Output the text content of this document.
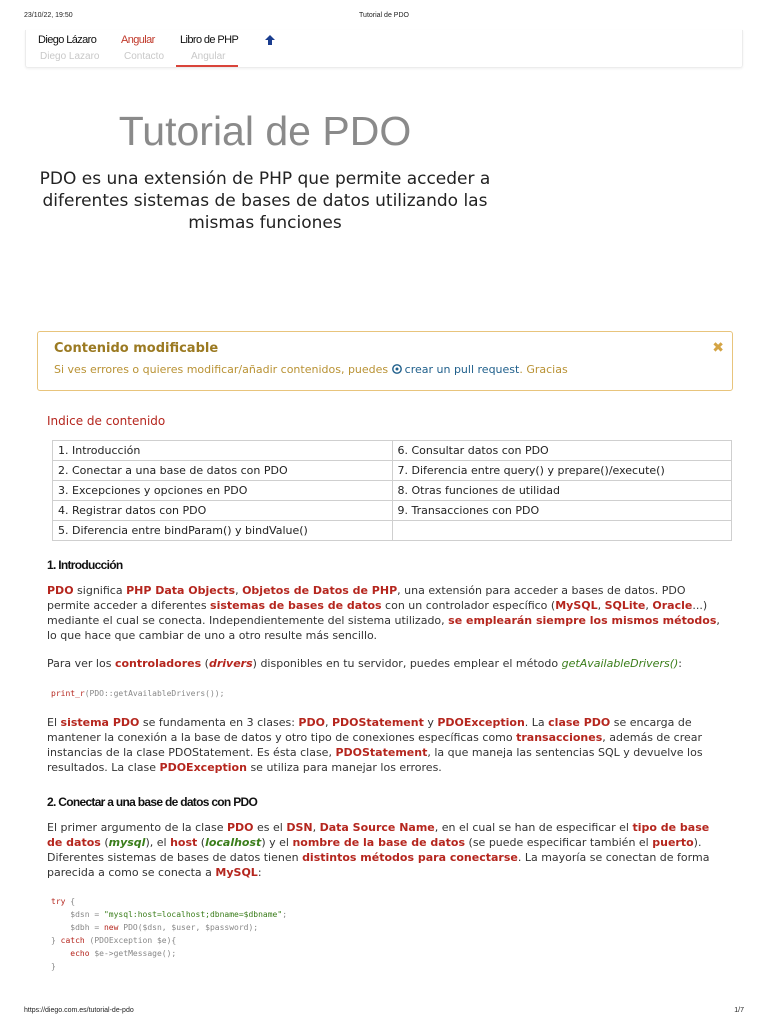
23/10/22, 19:50	Tutorial de PDO
Diego Lázaro Angular Libro de PHP
Diego Lazaro Contacto	Angular
Tutorial de PDO

PDO es una extensión de PHP que permite acceder a diferentes sistemas de bases de datos utilizando las mismas funciones

Contenido modificable
Si ves errores o quieres modificar/añadir contenidos, puedes crear un pull request. Gracias
✖
Indice de contenido
1. Introducción	6. Consultar datos con PDO
2. Conectar a una base de datos con PDO	7. Diferencia entre query() y prepare()/execute()
3. Excepciones y opciones en PDO	8. Otras funciones de utilidad
4. Registrar datos con PDO	9. Transacciones con PDO
5. Diferencia entre bindParam() y bindValue()	
1. Introducción

PDO significa PHP Data Objects, Objetos de Datos de PHP, una extensión para acceder a bases de datos. PDO permite acceder a diferentes sistemas de bases de datos con un controlador específico (MySQL, SQLite, Oracle...) mediante el cual se conecta. Independientemente del sistema utilizado, se emplearán siempre los mismos métodos, lo que hace que cambiar de uno a otro resulte más sencillo.

Para ver los controladores (drivers) disponibles en tu servidor, puedes emplear el método getAvailableDrivers():

print_r(PDO::getAvailableDrivers());

El sistema PDO se fundamenta en 3 clases: PDO, PDOStatement y PDOException. La clase PDO se encarga de mantener la conexión a la base de datos y otro tipo de conexiones específicas como transacciones, además de crear instancias de la clase PDOStatement. Es ésta clase, PDOStatement, la que maneja las sentencias SQL y devuelve los resultados. La clase PDOException se utiliza para manejar los errores.

2. Conectar a una base de datos con PDO

El primer argumento de la clase PDO es el DSN, Data Source Name, en el cual se han de especificar el tipo de base de datos (mysql), el host (localhost) y el nombre de la base de datos (se puede especificar también el puerto). Diferentes sistemas de bases de datos tienen distintos métodos para conectarse. La mayoría se conectan de forma parecida a como se conecta a MySQL:

try {
$dsn = "mysql:host=localhost;dbname=$dbname";
$dbh = new PDO($dsn, $user, $password);
} catch (PDOException $e){
echo $e->getMessage();
}
https://diego.com.es/tutorial-de-pdo	1/7
